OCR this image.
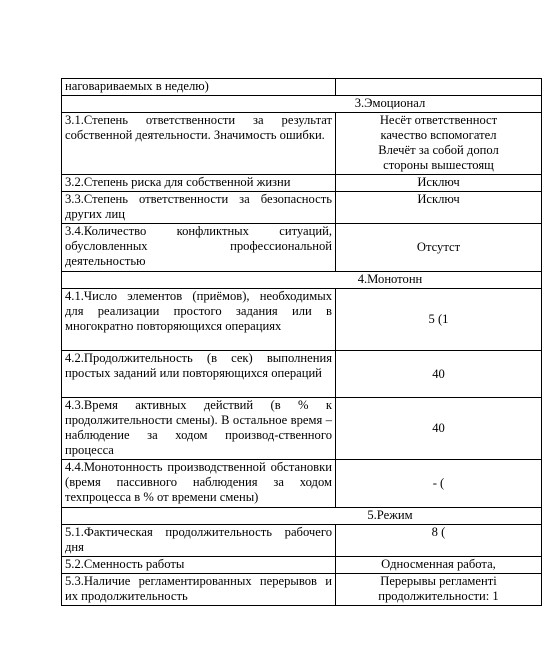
наговариваемых в неделю)	
3.Эмоционал	
3.1.Степень ответственности за результат собственной деятельности. Значимость ошибки.	Несёт ответственност
качество вспомогател
Влечёт за собой допол
стороны вышестоящ

3.2.Степень риска для собственной жизни	Исключ
3.3.Степень ответственности за безопасность других лиц	Исключ
3.4.Количество конфликтных ситуаций, обусловленных профессиональной деятельностью	Отсутст
4.Монотонн	
4.1.Число элементов (приёмов), необходимых для реализации простого задания или в многократно повторяющихся операциях	5 (1
4.2.Продолжительность (в сек) выполнения простых заданий или повторяющихся операций	40
4.3.Время активных действий (в % к продолжительности смены). В остальное время – наблюдение за ходом производ-ственного процесса	40
4.4.Монотонность производственной обстановки (время пассивного наблюдения за ходом техпроцесса в % от времени смены)	- (
5.Режим	
5.1.Фактическая продолжительность рабочего дня	8 (
5.2.Сменность работы	Односменная работа,
5.3.Наличие регламентированных перерывов и их продолжительность	Перерывы регламенті
продолжительности: 1
